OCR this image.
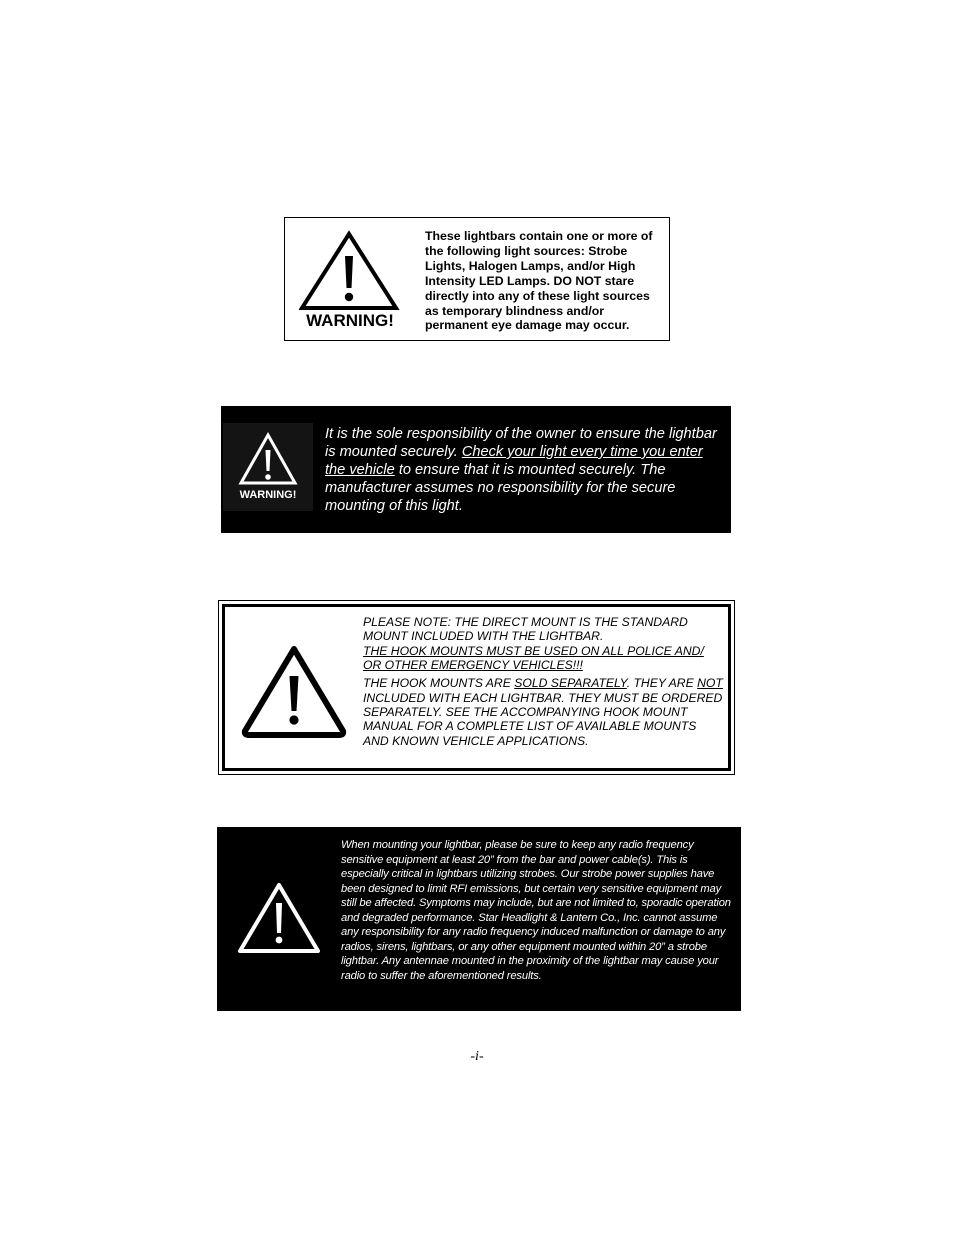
WARNING!
These lightbars contain one or more of the following light sources: Strobe Lights, Halogen Lamps, and/or High Intensity LED Lamps. DO NOT stare directly into any of these light sources as temporary blindness and/or permanent eye damage may occur.
WARNING!
It is the sole responsibility of the owner to ensure the lightbar is mounted securely. Check your light every time you enter the vehicle to ensure that it is mounted securely. The manufacturer assumes no responsibility for the secure mounting of this light.

PLEASE NOTE: THE DIRECT MOUNT IS THE STANDARD MOUNT INCLUDED WITH THE LIGHTBAR.
THE HOOK MOUNTS MUST BE USED ON ALL POLICE AND/ OR OTHER EMERGENCY VEHICLES!!!

THE HOOK MOUNTS ARE SOLD SEPARATELY. THEY ARE NOT INCLUDED WITH EACH LIGHTBAR. THEY MUST BE ORDERED SEPARATELY. SEE THE ACCOMPANYING HOOK MOUNT MANUAL FOR A COMPLETE LIST OF AVAILABLE MOUNTS AND KNOWN VEHICLE APPLICATIONS.

When mounting your lightbar, please be sure to keep any radio frequency sensitive equipment at least 20” from the bar and power cable(s). This is especially critical in lightbars utilizing strobes. Our strobe power supplies have been designed to limit RFI emissions, but certain very sensitive equipment may still be affected. Symptoms may include, but are not limited to, sporadic operation and degraded performance. Star Headlight & Lantern Co., Inc. cannot assume any responsibility for any radio frequency induced malfunction or damage to any radios, sirens, lightbars, or any other equipment mounted within 20” a strobe lightbar. Any antennae mounted in the proximity of the lightbar may cause your radio to suffer the aforementioned results.
-i-
